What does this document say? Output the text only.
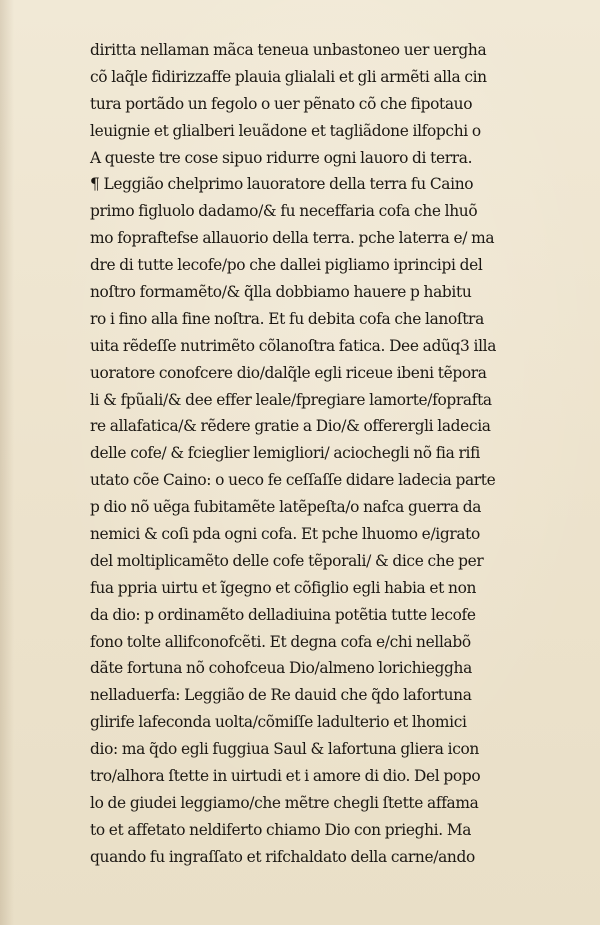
diritta nellaman mãca teneua unbastoneo uer uergha
cõ laq̃le fidirizzaffe plauia glialali et gli armẽti alla cin
tura portãdo un fegolo o uer pẽnato cõ che fipotauo
leuignie et glialberi leuãdone et tagliãdone ilfopchi o
A queste tre cose sipuo ridurre ogni lauoro di terra.
¶ Leggião chelprimo lauoratore della terra fu Caino
primo figluolo dadamo/& fu neceffaria cofa che lhuõ
mo fopraftefse allauorio della terra. pche laterra e/ ma
dre di tutte lecofe/po che dallei pigliamo iprincipi del
noſtro formamẽto/& q̃lla dobbiamo hauere p habitu
ro i fino alla fine noſtra. Et fu debita cofa che lanoſtra
uita rẽdeſſe nutrimẽto cõlanoſtra fatica. Dee adũq3 illa
uoratore conofcere dio/dalq̃le egli riceue ibeni tẽpora
li & fpũali/& dee effer leale/fpregiare lamorte/foprafta
re allafatica/& rẽdere gratie a Dio/& offerergli ladecia
delle cofe/ & fcieglier lemigliori/ aciochegli nõ fia rifi
utato cõe Caino: o ueco fe ceſſaſſe didare ladecia parte
p dio nõ uẽga fubitamẽte latẽpeſta/o nafca guerra da
nemici & coſi pda ogni cofa. Et pche lhuomo e/igrato
del moltiplicamẽto delle cofe tẽporali/ & dice che per
fua ppria uirtu et ĩgegno et cõfiglio egli habia et non
da dio: p ordinamẽto delladiuina potẽtia tutte lecofe
fono tolte allifconofcẽti. Et degna cofa e/chi nellabõ
dãte fortuna nõ cohofceua Dio/almeno lorichieggha
nelladuerfa: Leggião de Re dauid che q̃do lafortuna
glirife lafeconda uolta/cõmiſſe ladulterio et lhomici
dio: ma q̃do egli fuggiua Saul & lafortuna gliera icon
tro/alhora ſtette in uirtudi et i amore di dio. Del popo
lo de giudei leggiamo/che mẽtre chegli ſtette affama
to et affetato neldiferto chiamo Dio con prieghi. Ma
quando fu ingraſſato et rifchaldato della carne/ando
